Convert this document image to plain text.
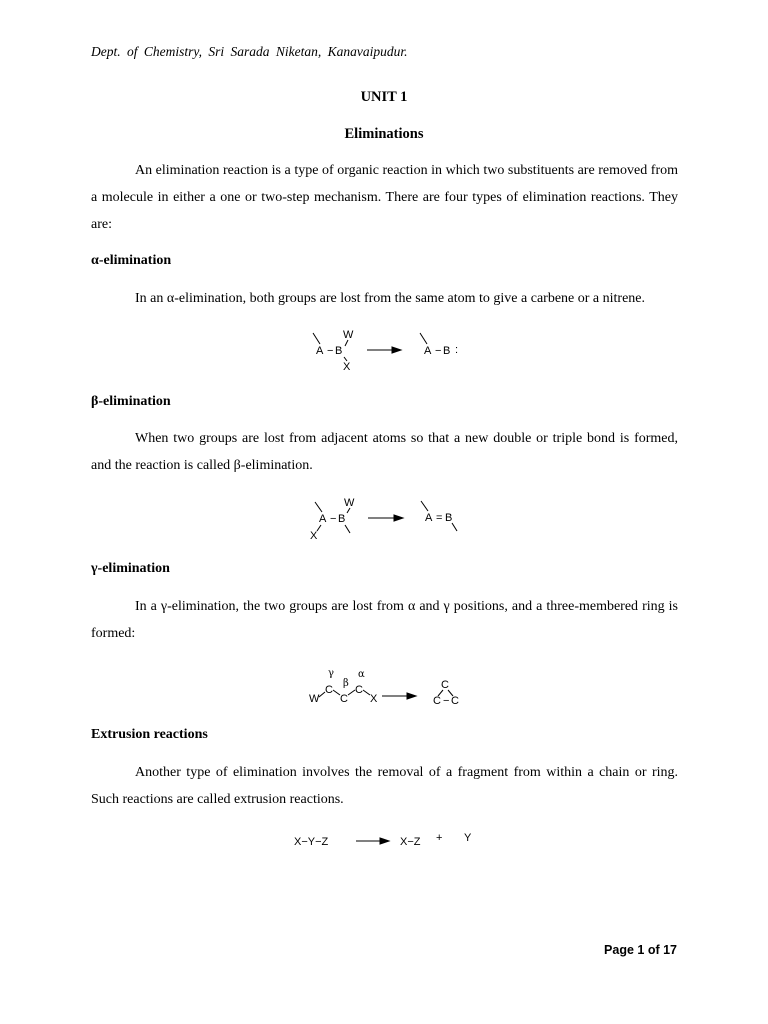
Dept. of Chemistry, Sri Sarada Niketan, Kanavaipudur.
UNIT 1
Eliminations
An elimination reaction is a type of organic reaction in which two substituents are removed from a molecule in either a one or two-step mechanism. There are four types of elimination reactions. They are:
α-elimination
In an α-elimination, both groups are lost from the same atom to give a carbene or a nitrene.
A − B
W
X
A − B :
β-elimination
When two groups are lost from adjacent atoms so that a new double or triple bond is formed, and the reaction is called β-elimination.
A − B
W
X
A = B
γ-elimination
In a γ-elimination, the two groups are lost from α and γ positions, and a three-membered ring is formed:
γ
β
α
W
C
C
C
X
C
C − C
Extrusion reactions
Another type of elimination involves the removal of a fragment from within a chain or ring. Such reactions are called extrusion reactions.
X−Y−Z	X−Z + Y
Page 1 of 17
